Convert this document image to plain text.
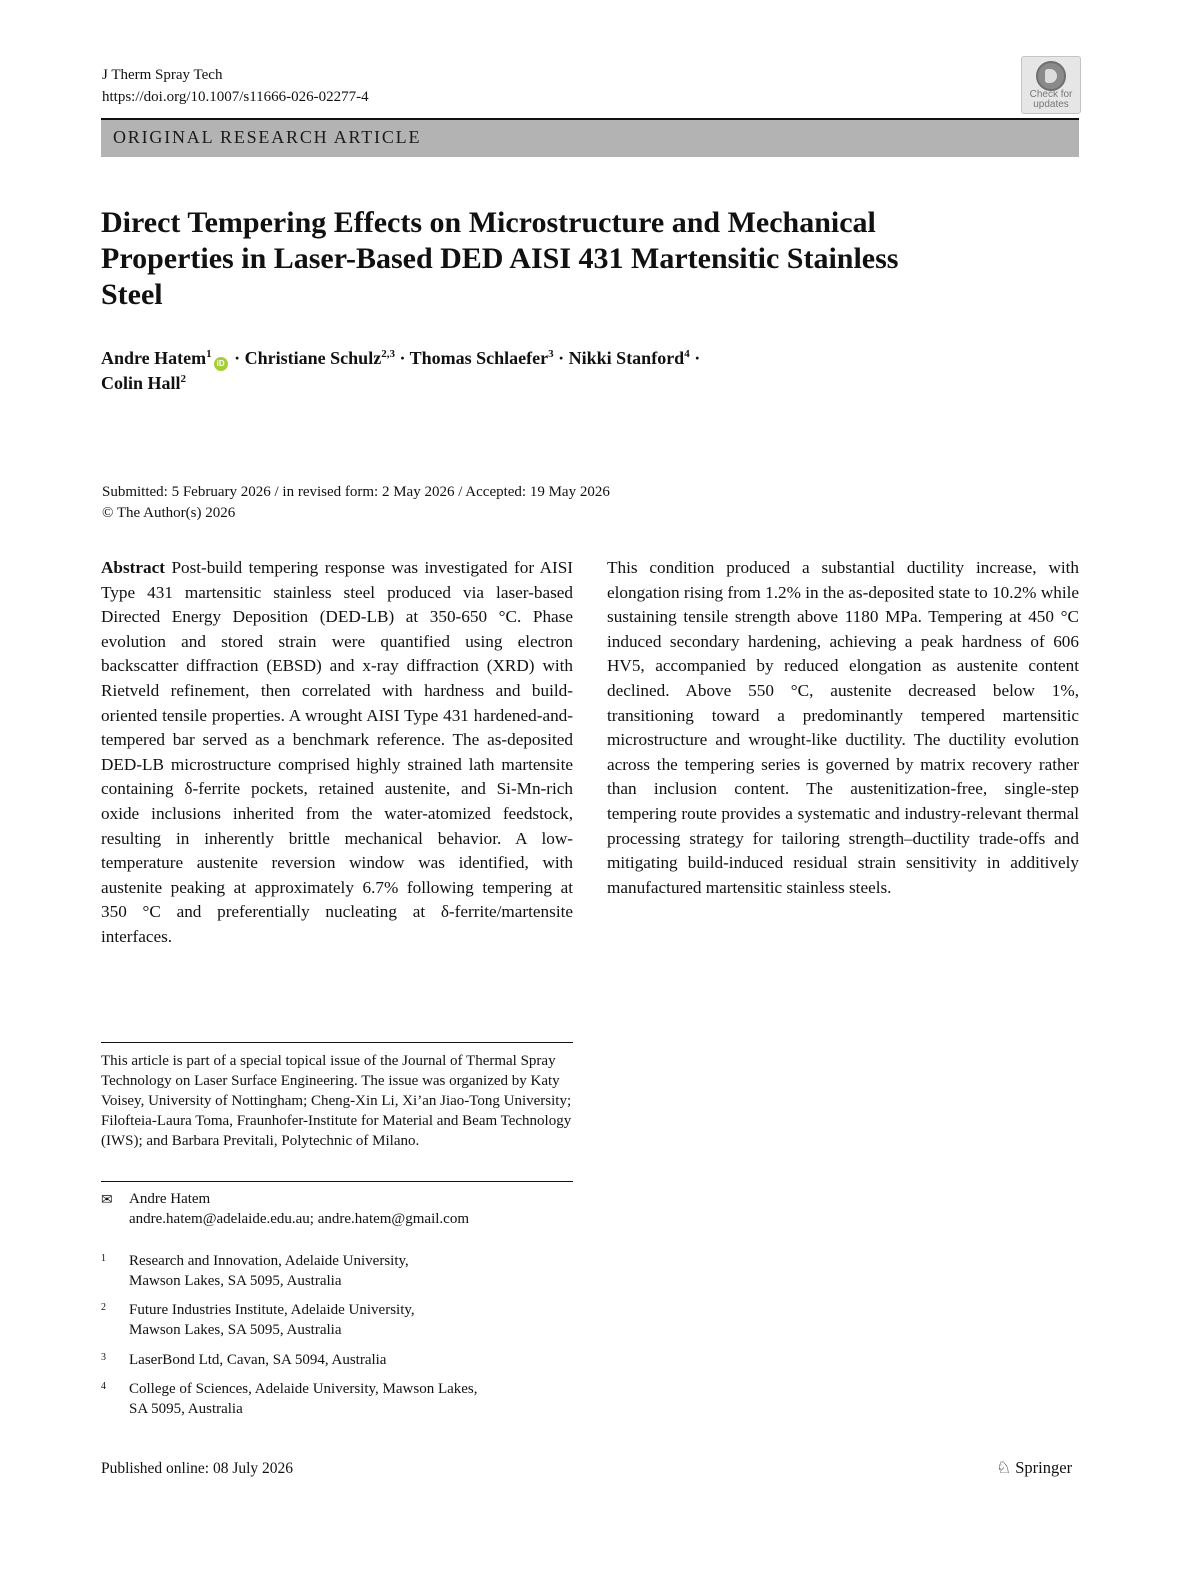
J Therm Spray Tech
https://doi.org/10.1007/s11666-026-02277-4	Check for
updates
ORIGINAL RESEARCH ARTICLE
Direct Tempering Effects on Microstructure and Mechanical
Properties in Laser-Based DED AISI 431 Martensitic Stainless
Steel
Andre Hatem$^1$iD · Christiane Schulz$^{2,3}$ · Thomas Schlaefer$^3$ · Nikki Stanford$^4$ ·
Colin Hall$^2$
Submitted: 5 February 2026 / in revised form: 2 May 2026 / Accepted: 19 May 2026
© The Author(s) 2026
Abstract Post-build tempering response was investigated for AISI Type 431 martensitic stainless steel produced via laser-based Directed Energy Deposition (DED-LB) at 350-650 °C. Phase evolution and stored strain were quantified using electron backscatter diffraction (EBSD) and x-ray diffraction (XRD) with Rietveld refinement, then correlated with hardness and build-oriented tensile properties. A wrought AISI Type 431 hardened-and-tempered bar served as a benchmark reference. The as-deposited DED-LB microstructure comprised highly strained lath martensite containing δ-ferrite pockets, retained austenite, and Si-Mn-rich oxide inclusions inherited from the water-atomized feedstock, resulting in inherently brittle mechanical behavior. A low-temperature austenite reversion window was identified, with austenite peaking at approximately 6.7% following tempering at 350 °C and preferentially nucleating at δ-ferrite/martensite interfaces.
This condition produced a substantial ductility increase, with elongation rising from 1.2% in the as-deposited state to 10.2% while sustaining tensile strength above 1180 MPa. Tempering at 450 °C induced secondary hardening, achieving a peak hardness of 606 HV5, accompanied by reduced elongation as austenite content declined. Above 550 °C, austenite decreased below 1%, transitioning toward a predominantly tempered martensitic microstructure and wrought-like ductility. The ductility evolution across the tempering series is governed by matrix recovery rather than inclusion content. The austenitization-free, single-step tempering route provides a systematic and industry-relevant thermal processing strategy for tailoring strength–ductility trade-offs and mitigating build-induced residual strain sensitivity in additively manufactured martensitic stainless steels.
This article is part of a special topical issue of the Journal of Thermal Spray Technology on Laser Surface Engineering. The issue was organized by Katy Voisey, University of Nottingham; Cheng-Xin Li, Xi’an Jiao-Tong University; Filofteia-Laura Toma, Fraunhofer-Institute for Material and Beam Technology (IWS); and Barbara Previtali, Polytechnic of Milano.
✉ Andre Hatem
andre.hatem@adelaide.edu.au; andre.hatem@gmail.com
1 Research and Innovation, Adelaide University,
Mawson Lakes, SA 5095, Australia
2 Future Industries Institute, Adelaide University,
Mawson Lakes, SA 5095, Australia
3 LaserBond Ltd, Cavan, SA 5094, Australia
4 College of Sciences, Adelaide University, Mawson Lakes,
SA 5095, Australia
Published online: 08 July 2026	♘ Springer
